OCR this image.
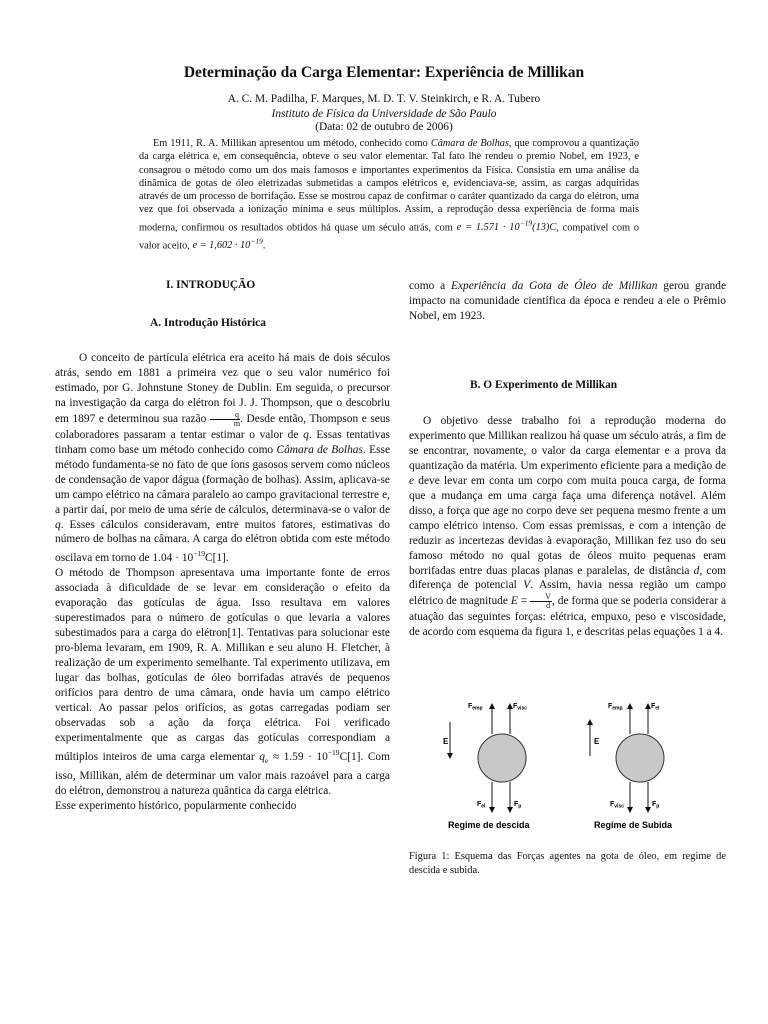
Determinação da Carga Elementar: Experiência de Millikan
A. C. M. Padilha, F. Marques, M. D. T. V. Steinkirch, e R. A. Tubero
Instituto de Física da Universidade de São Paulo
(Data: 02 de outubro de 2006)
Em 1911, R. A. Millikan apresentou um método, conhecido como Câmara de Bolhas, que comprovou a quantização da carga elétrica e, em consequência, obteve o seu valor elementar. Tal fato lhe rendeu o premio Nobel, em 1923, e consagrou o método como um dos mais famosos e importantes experimentos da Física. Consistia em uma análise da dinâmica de gotas de óleo eletrizadas submetidas a campos elétricos e, evidenciava-se, assim, as cargas adquiridas através de um processo de borrifação. Esse se mostrou capaz de confirmar o caráter quantizado da carga do elétron, uma vez que foi observada a ionização mínima e seus múltiplos. Assim, a reprodução dessa experiência de forma mais moderna, confirmou os resultados obtidos há quase um século atrás, com $e = 1.571 \cdot 10^{-19}(13)C$, compatível com o valor aceito, $e = 1,602 \cdot 10^{-19}$.
I. INTRODUÇÃO
A. Introdução Histórica

O conceito de partícula elétrica era aceito há mais de dois séculos atrás, sendo em 1881 a primeira vez que o seu valor numérico foi estimado, por G. Johnstune Stoney de Dublin. Em seguida, o precursor na investigação da carga do elétron foi J. J. Thompson, que o descobriu em 1897 e determinou sua razão $\frac{q}{m}$ . Desde então, Thompson e seus colaboradores passaram a tentar estimar o valor de q. Essas tentativas tinham como base um método conhecido como Câmara de Bolhas. Esse método fundamenta-se no fato de que íons gasosos servem como núcleos de condensação de vapor dágua (formação de bolhas). Assim, aplicava-se um campo elétrico na câmara paralelo ao campo gravitacional terrestre e, a partir daí, por meio de uma série de cálculos, determinava-se o valor de q. Esses cálculos consideravam, entre muitos fatores, estimativas do número de bolhas na câmara. A carga do elétron obtida com este método oscilava em torno de $1.04 \cdot 10^{-19}C[1]$.

O método de Thompson apresentava uma importante fonte de erros associada à dificuldade de se levar em consideração o efeito da evaporação das gotículas de água. Isso resultava em valores superestimados para o número de gotículas o que levaria a valores subestimados para a carga do elétron[1]. Tentativas para solucionar este pro-blema levaram, em 1909, R. A. Millikan e seu aluno H. Fletcher, à realização de um experimento semelhante. Tal experimento utilizava, em lugar das bolhas, gotículas de óleo borrifadas através de pequenos orifícios para dentro de uma câmara, onde havia um campo elétrico vertical. Ao passar pelos orifícios, as gotas carregadas podiam ser observadas sob a ação da força elétrica. Foi verificado experimentalmente que as cargas das gotículas correspondiam a múltiplos inteiros de uma carga elementar $q_e \approx 1.59 \cdot 10^{-19}C[1]$. Com isso, Millikan, além de determinar um valor mais razoável para a carga do elétron, demonstrou a natureza quântica da carga elétrica.

Esse experimento histórico, popularmente conhecido

como a Experiência da Gota de Óleo de Millikan gerou grande impacto na comunidade científica da época e rendeu a ele o Prêmio Nobel, em 1923.

B. O Experimento de Millikan

O objetivo desse trabalho foi a reprodução moderna do experimento que Millikan realizou há quase um século atrás, a fim de se encontrar, novamente, o valor da carga elementar e a prova da quantização da matéria. Um experimento eficiente para a medição de e deve levar em conta um corpo com muita pouca carga, de forma que a mudança em uma carga faça uma diferença notável. Além disso, a força que age no corpo deve ser pequena mesmo frente a um campo elétrico intenso. Com essas premissas, e com a intenção de reduzir as incertezas devidas à evaporação, Millikan fez uso do seu famoso método no qual gotas de óleos muito pequenas eram borrifadas entre duas placas planas e paralelas, de distância d, com diferença de potencial V. Assim, havia nessa região um campo elétrico de magnitude $E = \frac{V}{d}$ , de forma que se poderia considerar a atuação das seguintes forças: elétrica, empuxo, peso e viscosidade, de acordo com esquema da figura 1, e descritas pelas equações 1 a 4.

E
$F_{emp}$	$F_{visc}$
$F_{el}$	$F_p$
Regime de descida
E
$F_{emp}$	$F_{el}$
$F_{visc}$	$F_p$
Regime de Subida
Figura 1: Esquema das Forças agentes na gota de óleo, em regime de descida e subida.
